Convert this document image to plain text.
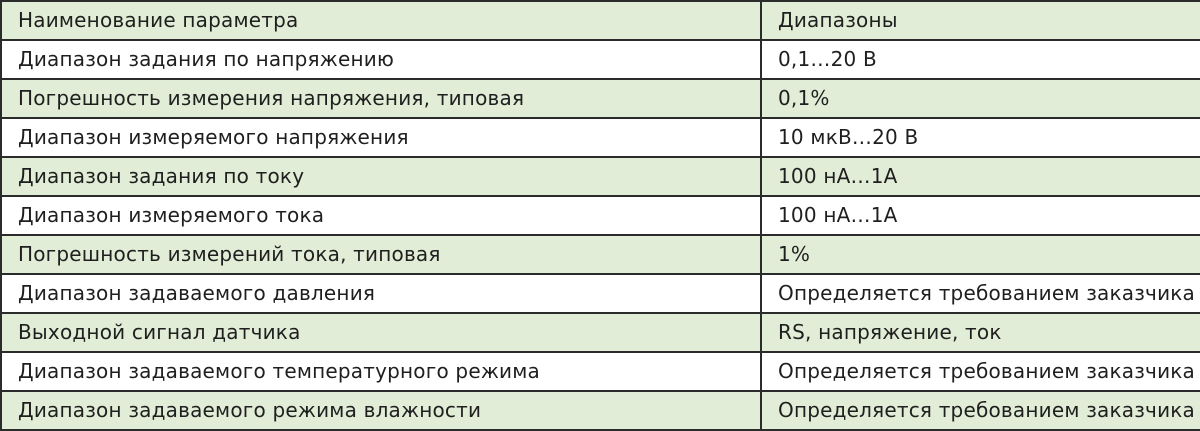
Наименование параметра	Диапазоны
Диапазон задания по напряжению	0,1…20 В
Погрешность измерения напряжения, типовая	0,1%
Диапазон измеряемого напряжения	10 мкВ…20 В
Диапазон задания по току	100 нА…1А
Диапазон измеряемого тока	100 нА…1А
Погрешность измерений тока, типовая	1%
Диапазон задаваемого давления	Определяется требованием заказчика
Выходной сигнал датчика	RS, напряжение, ток
Диапазон задаваемого температурного режима	Определяется требованием заказчика
Диапазон задаваемого режима влажности	Определяется требованием заказчика
